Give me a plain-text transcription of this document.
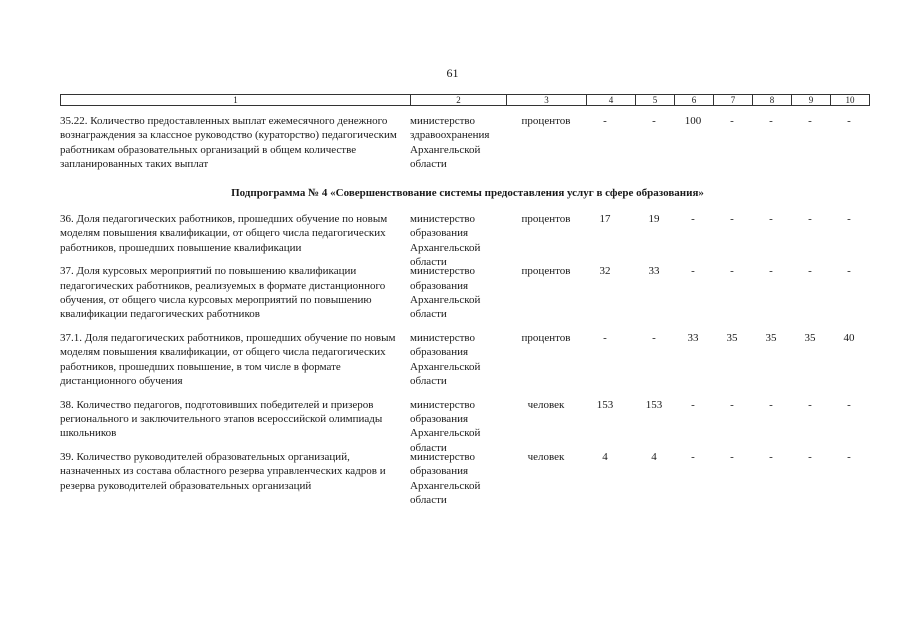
61
1	2	3	4	5	6	7	8	9	10
35.22. Количество предоставленных выплат ежемесячного денежного вознаграждения за классное руководство (кураторство) педагогическим работникам образовательных организаций в общем количестве запланированных таких выплат
министерство здравоохранения Архангельской области
процентов	-	-	100	-	-	-	-
Подпрограмма № 4 «Совершенствование системы предоставления услуг в сфере образования»
36. Доля педагогических работников, прошедших обучение по новым моделям повышения квалификации, от общего числа педагогических работников, прошедших повышение квалификации
министерство образования Архангельской области
процентов	17	19	-	-	-	-	-
37. Доля курсовых мероприятий по повышению квалификации педагогических работников, реализуемых в формате дистанционного обучения, от общего числа курсовых мероприятий по повышению квалификации педагогических работников
министерство образования Архангельской области
процентов	32	33	-	-	-	-	-
37.1. Доля педагогических работников, прошедших обучение по новым моделям повышения квалификации, от общего числа педагогических работников, прошедших повышение, в том числе в формате дистанционного обучения
министерство образования Архангельской области
процентов	-	-	33	35	35	35	40
38. Количество педагогов, подготовивших победителей и призеров регионального и заключительного этапов всероссийской олимпиады школьников
министерство образования Архангельской области
человек	153	153	-	-	-	-	-
39. Количество руководителей образовательных организаций, назначенных из состава областного резерва управленческих кадров и резерва руководителей образовательных организаций
министерство образования Архангельской области
человек	4	4	-	-	-	-	-
